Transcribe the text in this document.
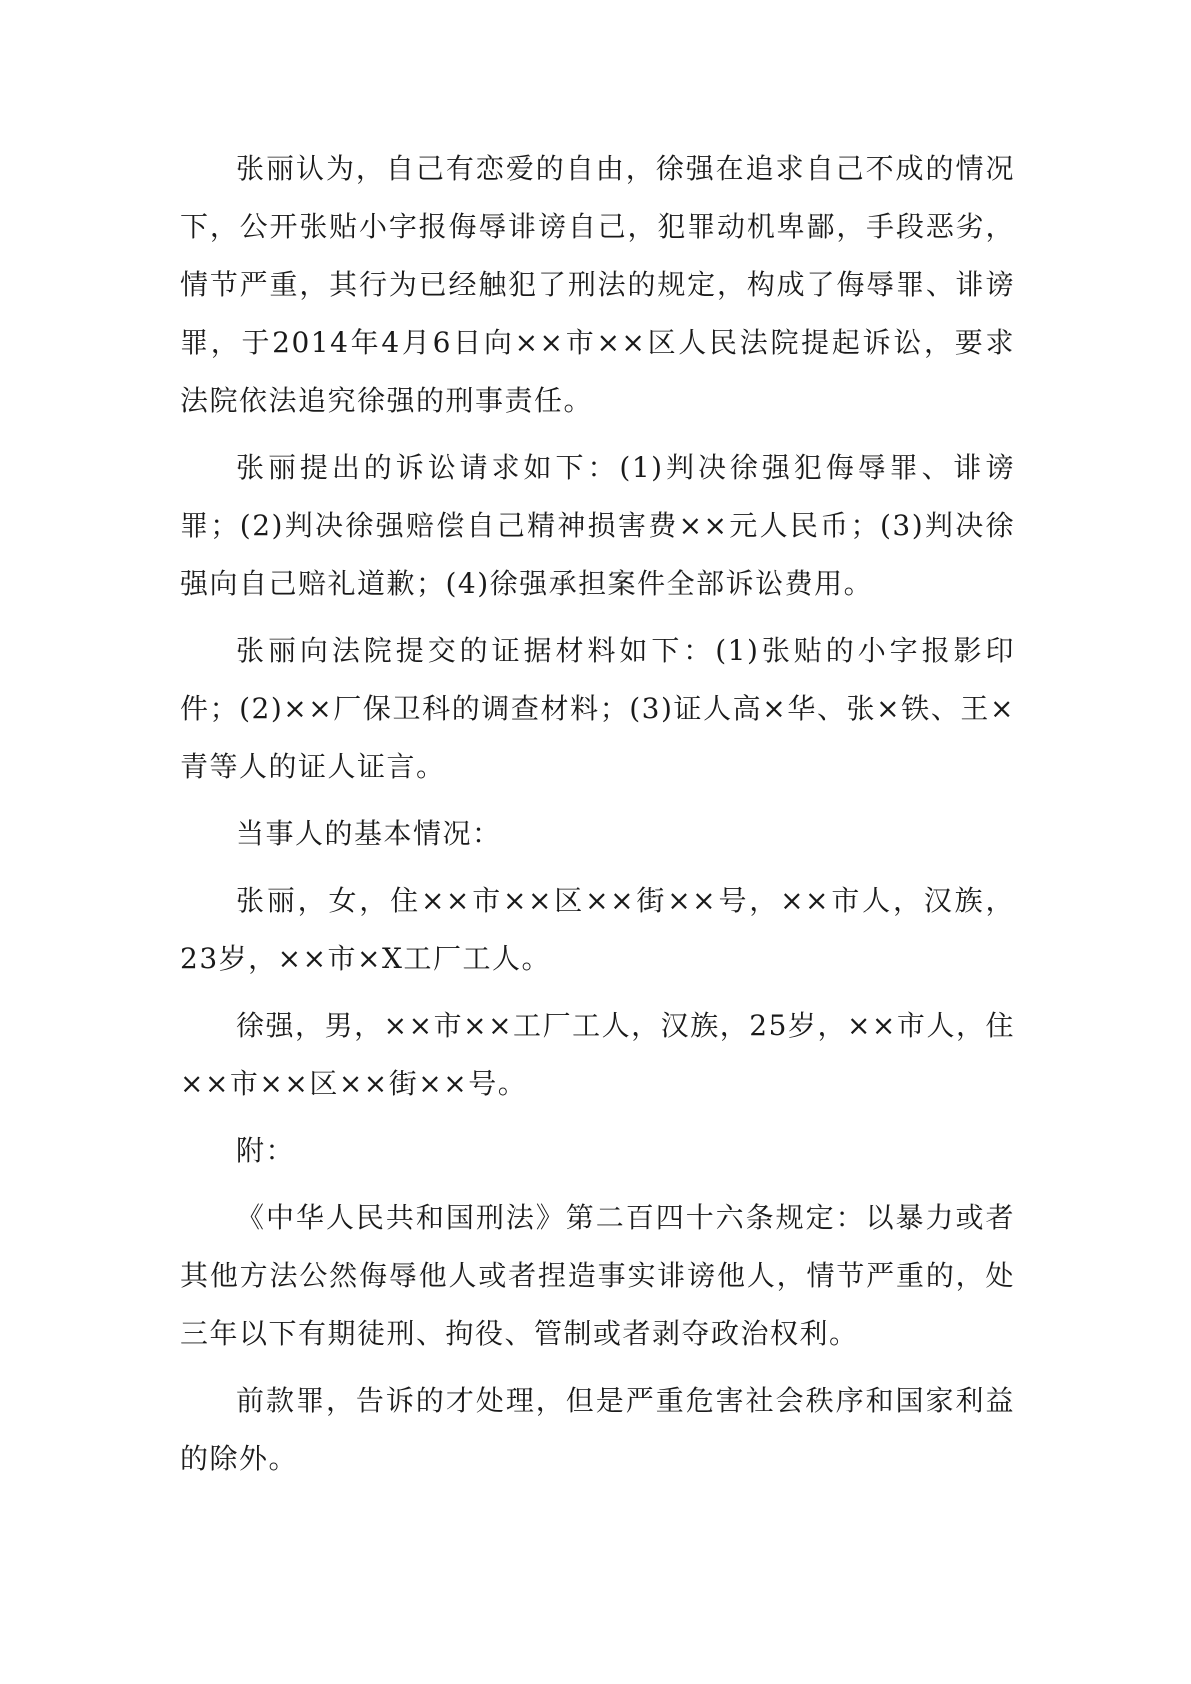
张丽认为，自己有恋爱的自由，徐强在追求自己不成的情况下，公开张贴小字报侮辱诽谤自己，犯罪动机卑鄙，手段恶劣，情节严重，其行为已经触犯了刑法的规定，构成了侮辱罪、诽谤罪，于2014年4月6日向××市××区人民法院提起诉讼，要求法院依法追究徐强的刑事责任。

张丽提出的诉讼请求如下：(1)判决徐强犯侮辱罪、诽谤罪；(2)判决徐强赔偿自己精神损害费××元人民币；(3)判决徐强向自己赔礼道歉；(4)徐强承担案件全部诉讼费用。

张丽向法院提交的证据材料如下：(1)张贴的小字报影印件；(2)××厂保卫科的调查材料；(3)证人高×华、张×铁、王×青等人的证人证言。

当事人的基本情况：

张丽，女，住××市××区××街××号，××市人，汉族，23岁，××市×X工厂工人。

徐强，男，××市××工厂工人，汉族，25岁，××市人，住××市××区××街××号。

附：

《中华人民共和国刑法》第二百四十六条规定：以暴力或者其他方法公然侮辱他人或者捏造事实诽谤他人，情节严重的，处三年以下有期徒刑、拘役、管制或者剥夺政治权利。

前款罪，告诉的才处理，但是严重危害社会秩序和国家利益的除外。
